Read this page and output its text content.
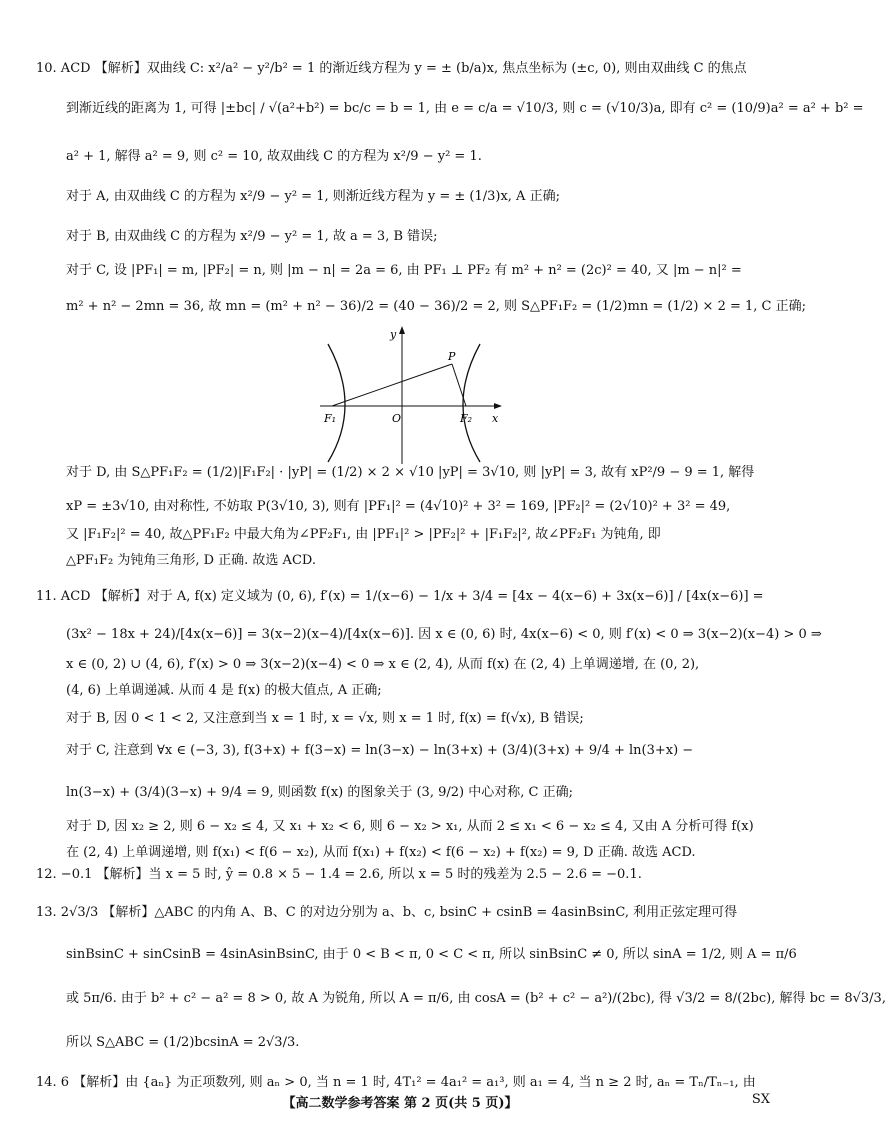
10. ACD 【解析】双曲线 C: x²/a² − y²/b² = 1 的渐近线方程为 y = ± (b/a)x, 焦点坐标为 (±c, 0), 则由双曲线 C 的焦点
到渐近线的距离为 1, 可得 |±bc| / √(a²+b²) = bc/c = b = 1, 由 e = c/a = √10/3, 则 c = (√10/3)a, 即有 c² = (10/9)a² = a² + b² =
a² + 1, 解得 a² = 9, 则 c² = 10, 故双曲线 C 的方程为 x²/9 − y² = 1.
对于 A, 由双曲线 C 的方程为 x²/9 − y² = 1, 则渐近线方程为 y = ± (1/3)x, A 正确;
对于 B, 由双曲线 C 的方程为 x²/9 − y² = 1, 故 a = 3, B 错误;
对于 C, 设 |PF₁| = m, |PF₂| = n, 则 |m − n| = 2a = 6, 由 PF₁ ⊥ PF₂ 有 m² + n² = (2c)² = 40, 又 |m − n|² =
m² + n² − 2mn = 36, 故 mn = (m² + n² − 36)/2 = (40 − 36)/2 = 2, 则 S△PF₁F₂ = (1/2)mn = (1/2) × 2 = 1, C 正确;
对于 D, 由 S△PF₁F₂ = (1/2)|F₁F₂| · |yP| = (1/2) × 2 × √10 |yP| = 3√10, 则 |yP| = 3, 故有 xP²/9 − 9 = 1, 解得
xP = ±3√10, 由对称性, 不妨取 P(3√10, 3), 则有 |PF₁|² = (4√10)² + 3² = 169, |PF₂|² = (2√10)² + 3² = 49,
又 |F₁F₂|² = 40, 故△PF₁F₂ 中最大角为∠PF₂F₁, 由 |PF₁|² > |PF₂|² + |F₁F₂|², 故∠PF₂F₁ 为钝角, 即
△PF₁F₂ 为钝角三角形, D 正确. 故选 ACD.
11. ACD 【解析】对于 A, f(x) 定义域为 (0, 6), f′(x) = 1/(x−6) − 1/x + 3/4 = [4x − 4(x−6) + 3x(x−6)] / [4x(x−6)] =
(3x² − 18x + 24)/[4x(x−6)] = 3(x−2)(x−4)/[4x(x−6)]. 因 x ∈ (0, 6) 时, 4x(x−6) < 0, 则 f′(x) < 0 ⇒ 3(x−2)(x−4) > 0 ⇒
x ∈ (0, 2) ∪ (4, 6), f′(x) > 0 ⇒ 3(x−2)(x−4) < 0 ⇒ x ∈ (2, 4), 从而 f(x) 在 (2, 4) 上单调递增, 在 (0, 2),
(4, 6) 上单调递减. 从而 4 是 f(x) 的极大值点, A 正确;
对于 B, 因 0 < 1 < 2, 又注意到当 x = 1 时, x = √x, 则 x = 1 时, f(x) = f(√x), B 错误;
对于 C, 注意到 ∀x ∈ (−3, 3), f(3+x) + f(3−x) = ln(3−x) − ln(3+x) + (3/4)(3+x) + 9/4 + ln(3+x) −
ln(3−x) + (3/4)(3−x) + 9/4 = 9, 则函数 f(x) 的图象关于 (3, 9/2) 中心对称, C 正确;
对于 D, 因 x₂ ≥ 2, 则 6 − x₂ ≤ 4, 又 x₁ + x₂ < 6, 则 6 − x₂ > x₁, 从而 2 ≤ x₁ < 6 − x₂ ≤ 4, 又由 A 分析可得 f(x)
在 (2, 4) 上单调递增, 则 f(x₁) < f(6 − x₂), 从而 f(x₁) + f(x₂) < f(6 − x₂) + f(x₂) = 9, D 正确. 故选 ACD.
12. −0.1 【解析】当 x = 5 时, ŷ = 0.8 × 5 − 1.4 = 2.6, 所以 x = 5 时的残差为 2.5 − 2.6 = −0.1.
13. 2√3/3 【解析】△ABC 的内角 A、B、C 的对边分别为 a、b、c, bsinC + csinB = 4asinBsinC, 利用正弦定理可得
sinBsinC + sinCsinB = 4sinAsinBsinC, 由于 0 < B < π, 0 < C < π, 所以 sinBsinC ≠ 0, 所以 sinA = 1/2, 则 A = π/6
或 5π/6. 由于 b² + c² − a² = 8 > 0, 故 A 为锐角, 所以 A = π/6, 由 cosA = (b² + c² − a²)/(2bc), 得 √3/2 = 8/(2bc), 解得 bc = 8√3/3,
所以 S△ABC = (1/2)bcsinA = 2√3/3.
14. 6 【解析】由 {aₙ} 为正项数列, 则 aₙ > 0, 当 n = 1 时, 4T₁² = 4a₁² = a₁³, 则 a₁ = 4, 当 n ≥ 2 时, aₙ = Tₙ/Tₙ₋₁, 由
y
x
O
P
F₁	F₂
【高二数学参考答案 第 2 页(共 5 页)】	SX
